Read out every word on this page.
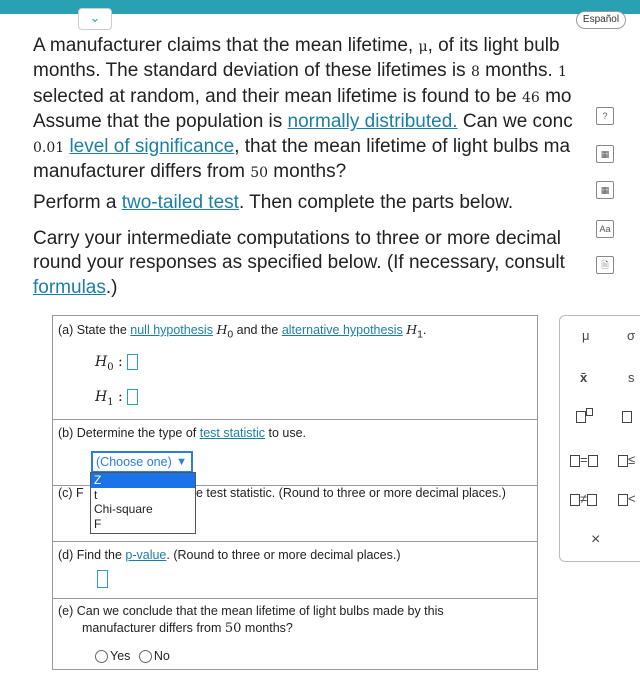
⌄	Español
A manufacturer claims that the mean lifetime, μ, of its light bulb
months. The standard deviation of these lifetimes is 8 months. 1
selected at random, and their mean lifetime is found to be 46 mo
Assume that the population is normally distributed. Can we conc
0.01 level of significance, that the mean lifetime of light bulbs ma
manufacturer differs from 50 months?
Perform a two-tailed test. Then complete the parts below.
Carry your intermediate computations to three or more decimal
round your responses as specified below. (If necessary, consult
formulas.)
?
▦
▦
Aa
🗎
(a) State the null hypothesis $H_0$ and the alternative hypothesis $H_1$.
$H_0$ :
$H_1$ :
(b) Determine the type of test statistic to use.
(Choose one) ▼
(c) F	e test statistic. (Round to three or more decimal places.)
(d) Find the p-value. (Round to three or more decimal places.)
(e) Can we conclude that the mean lifetime of light bulbs made by this
manufacturer differs from 50 months?
Yes No
Z
t
Chi-square
F
μ	σ
x̄	s
=	≤
≠	<
×
